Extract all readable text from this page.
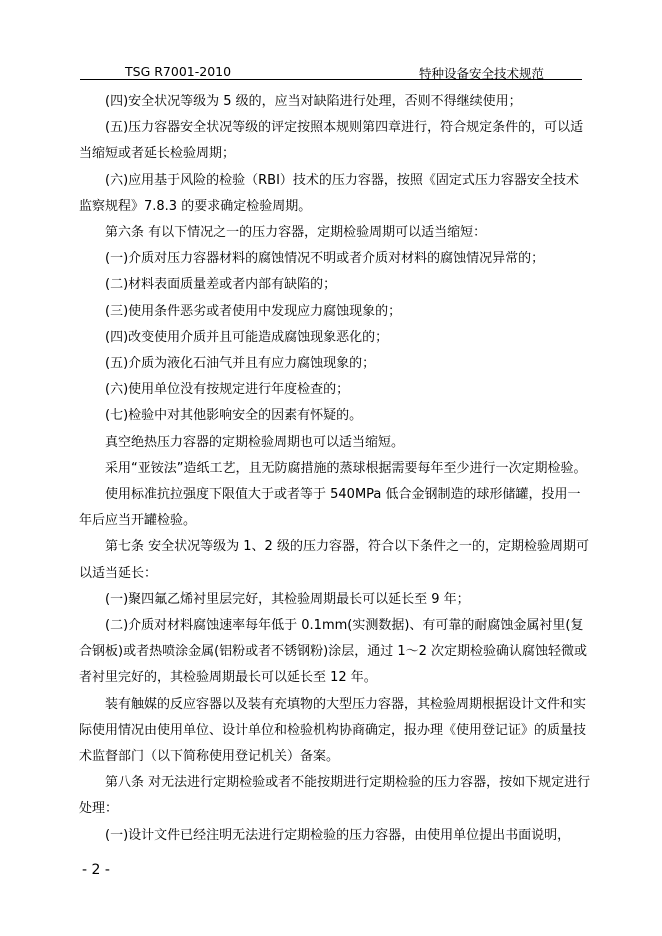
TSG R7001-2010	特种设备安全技术规范

(四)安全状况等级为 5 级的，应当对缺陷进行处理，否则不得继续使用；

(五)压力容器安全状况等级的评定按照本规则第四章进行，符合规定条件的，可以适当缩短或者延长检验周期；

(六)应用基于风险的检验（RBI）技术的压力容器，按照《固定式压力容器安全技术监察规程》7.8.3 的要求确定检验周期。

第六条 有以下情况之一的压力容器，定期检验周期可以适当缩短：

(一)介质对压力容器材料的腐蚀情况不明或者介质对材料的腐蚀情况异常的；

(二)材料表面质量差或者内部有缺陷的；

(三)使用条件恶劣或者使用中发现应力腐蚀现象的；

(四)改变使用介质并且可能造成腐蚀现象恶化的；

(五)介质为液化石油气并且有应力腐蚀现象的；

(六)使用单位没有按规定进行年度检查的；

(七)检验中对其他影响安全的因素有怀疑的。

真空绝热压力容器的定期检验周期也可以适当缩短。

采用“亚铵法”造纸工艺，且无防腐措施的蒸球根据需要每年至少进行一次定期检验。

使用标准抗拉强度下限值大于或者等于 540MPa 低合金钢制造的球形储罐，投用一年后应当开罐检验。

第七条 安全状况等级为 1、2 级的压力容器，符合以下条件之一的，定期检验周期可以适当延长：

(一)聚四氟乙烯衬里层完好，其检验周期最长可以延长至 9 年；

(二)介质对材料腐蚀速率每年低于 0.1mm(实测数据)、有可靠的耐腐蚀金属衬里(复合钢板)或者热喷涂金属(铝粉或者不锈钢粉)涂层，通过 1～2 次定期检验确认腐蚀轻微或者衬里完好的，其检验周期最长可以延长至 12 年。

装有触媒的反应容器以及装有充填物的大型压力容器，其检验周期根据设计文件和实际使用情况由使用单位、设计单位和检验机构协商确定，报办理《使用登记证》的质量技术监督部门（以下简称使用登记机关）备案。

第八条 对无法进行定期检验或者不能按期进行定期检验的压力容器，按如下规定进行处理：

(一)设计文件已经注明无法进行定期检验的压力容器，由使用单位提出书面说明，

- 2 -
